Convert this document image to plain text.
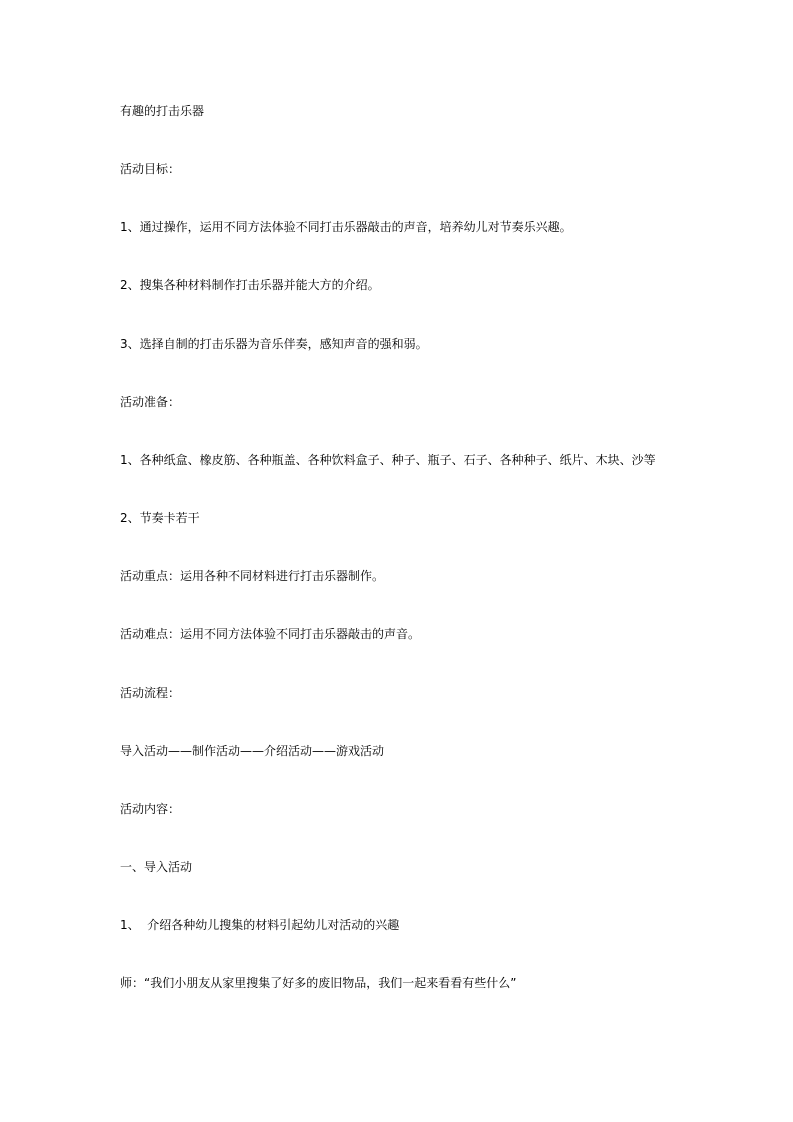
有趣的打击乐器
活动目标：
1、通过操作，运用不同方法体验不同打击乐器敲击的声音，培养幼儿对节奏乐兴趣。
2、搜集各种材料制作打击乐器并能大方的介绍。
3、选择自制的打击乐器为音乐伴奏，感知声音的强和弱。
活动准备：
1、各种纸盒、橡皮筋、各种瓶盖、各种饮料盒子、种子、瓶子、石子、各种种子、纸片、木块、沙等
2、节奏卡若干
活动重点：运用各种不同材料进行打击乐器制作。
活动难点：运用不同方法体验不同打击乐器敲击的声音。
活动流程：
导入活动——制作活动——介绍活动——游戏活动
活动内容：
一、导入活动
1、  介绍各种幼儿搜集的材料引起幼儿对活动的兴趣
师：“我们小朋友从家里搜集了好多的废旧物品，我们一起来看看有些什么”
